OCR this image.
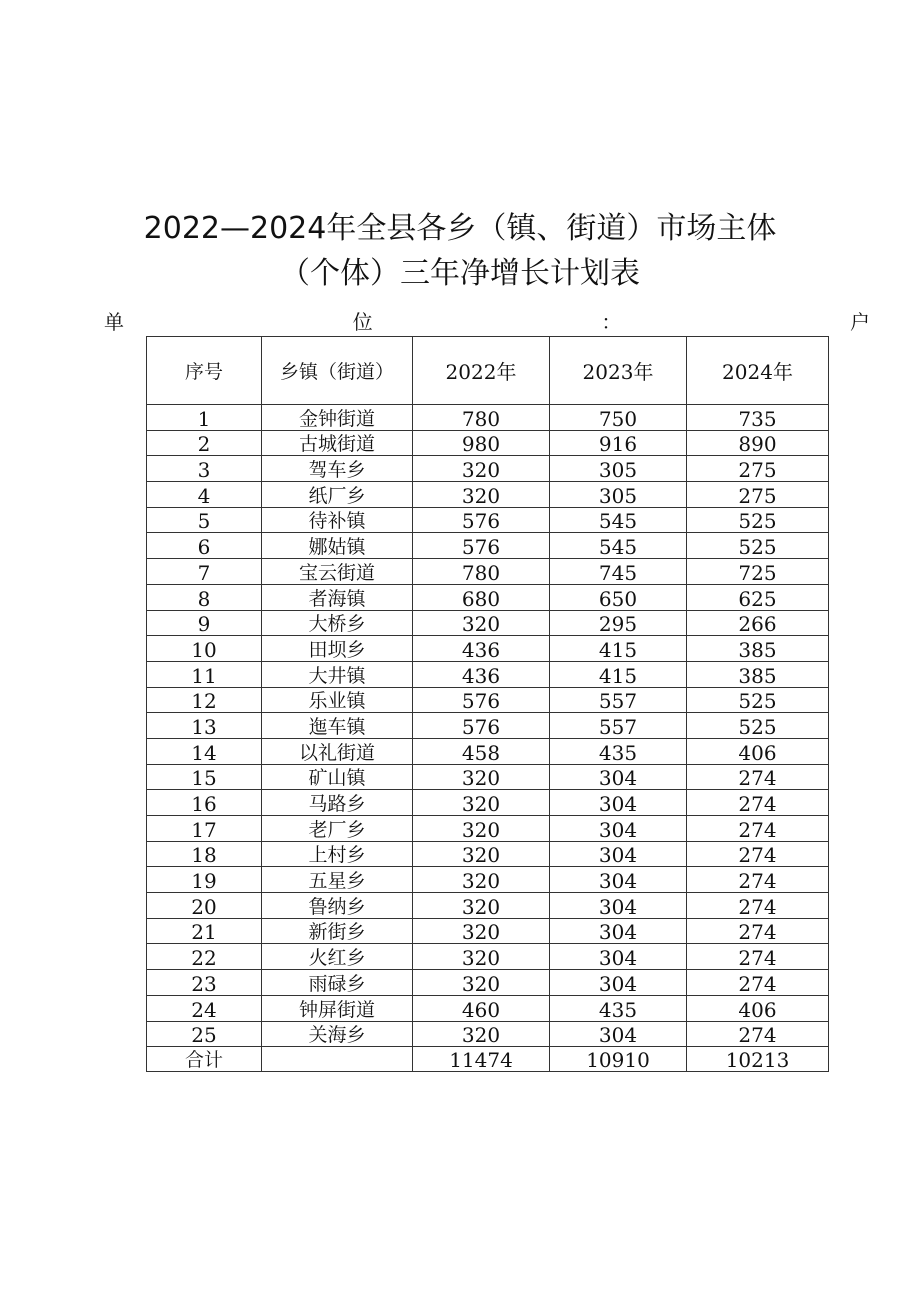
2022—2024年全县各乡（镇、街道）市场主体
（个体）三年净增长计划表
单	位	：	户
序号	乡镇（街道）	2022年	2023年	2024年
1	金钟街道	780	750	735
2	古城街道	980	916	890
3	驾车乡	320	305	275
4	纸厂乡	320	305	275
5	待补镇	576	545	525
6	娜姑镇	576	545	525
7	宝云街道	780	745	725
8	者海镇	680	650	625
9	大桥乡	320	295	266
10	田坝乡	436	415	385
11	大井镇	436	415	385
12	乐业镇	576	557	525
13	迤车镇	576	557	525
14	以礼街道	458	435	406
15	矿山镇	320	304	274
16	马路乡	320	304	274
17	老厂乡	320	304	274
18	上村乡	320	304	274
19	五星乡	320	304	274
20	鲁纳乡	320	304	274
21	新街乡	320	304	274
22	火红乡	320	304	274
23	雨碌乡	320	304	274
24	钟屏街道	460	435	406
25	关海乡	320	304	274
合计		11474	10910	10213
